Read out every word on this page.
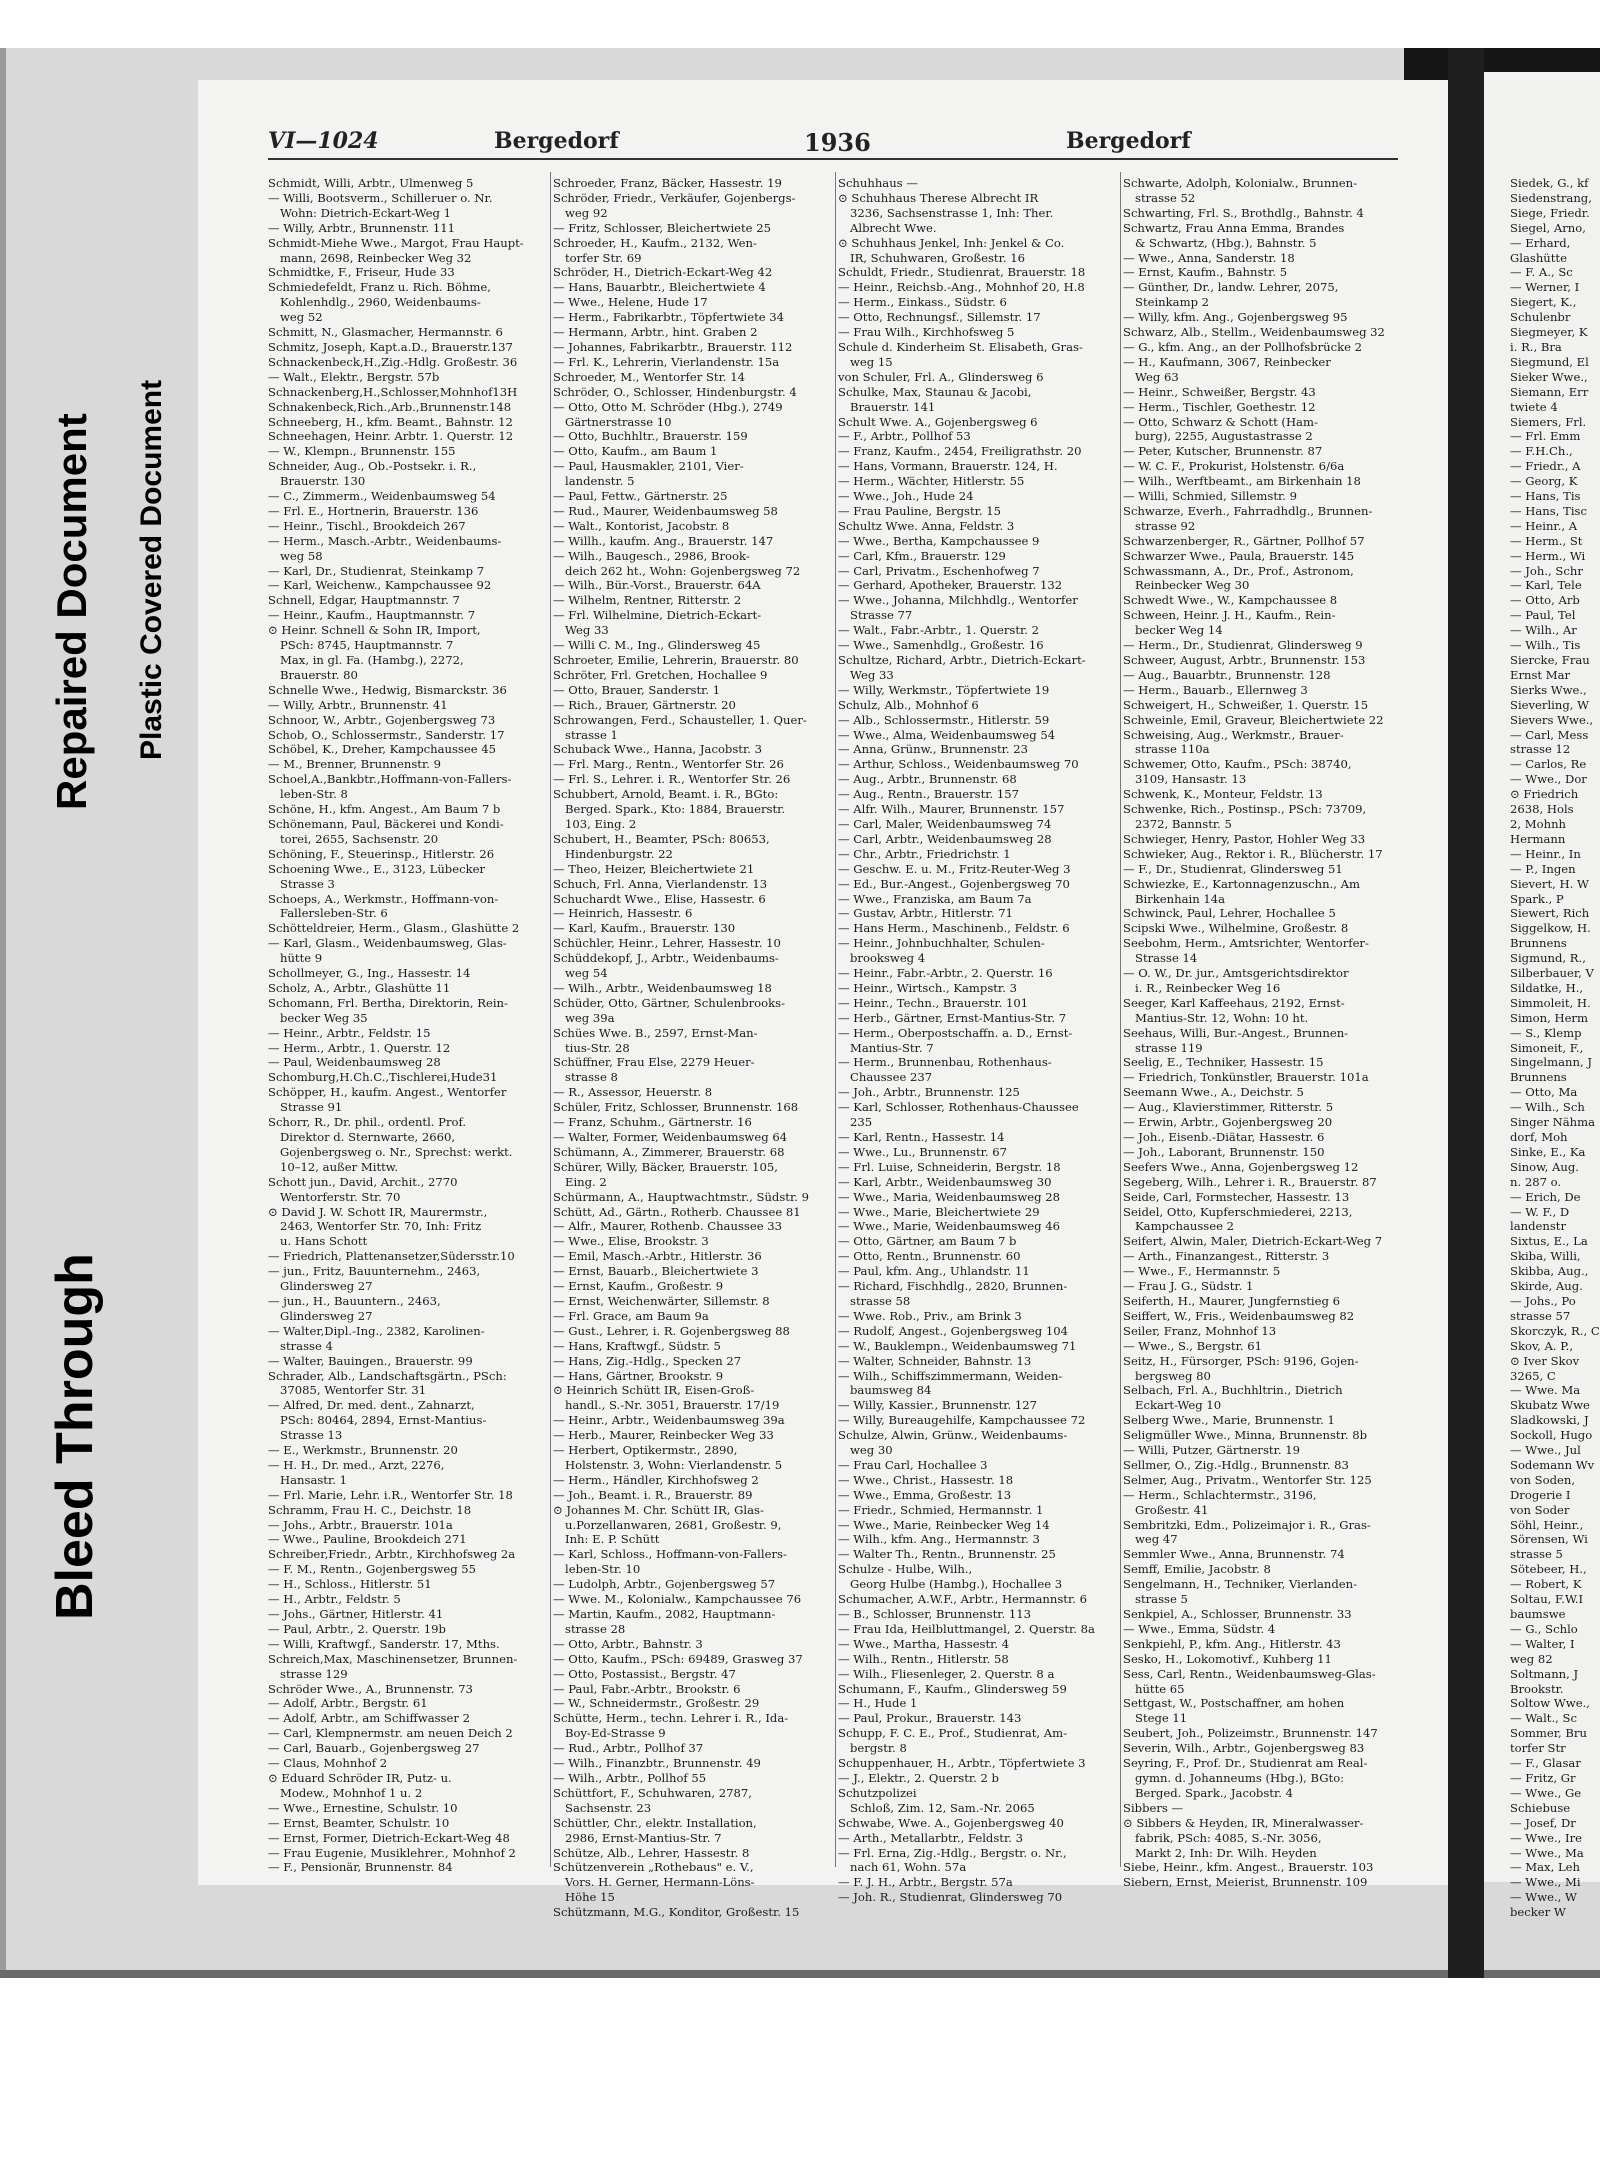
Bleed Through
Repaired Document Plastic Covered Document
VI—1024	Bergedorf	1936	Bergedorf
Schmidt, Willi, Arbtr., Ulmenweg 5
— Willi, Bootsverm., Schilleruer o. Nr.
Wohn: Dietrich-Eckart-Weg 1
— Willy, Arbtr., Brunnenstr. 111
Schmidt-Miehe Wwe., Margot, Frau Haupt-
mann, 2698, Reinbecker Weg 32
Schmidtke, F., Friseur, Hude 33
Schmiedefeldt, Franz u. Rich. Böhme,
Kohlenhdlg., 2960, Weidenbaums-
weg 52
Schmitt, N., Glasmacher, Hermannstr. 6
Schmitz, Joseph, Kapt.a.D., Brauerstr.137
Schnackenbeck,H.,Zig.-Hdlg. Großestr. 36
— Walt., Elektr., Bergstr. 57b
Schnackenberg,H.,Schlosser,Mohnhof13H
Schnakenbeck,Rich.,Arb.,Brunnenstr.148
Schneeberg, H., kfm. Beamt., Bahnstr. 12
Schneehagen, Heinr. Arbtr. 1. Querstr. 12
— W., Klempn., Brunnenstr. 155
Schneider, Aug., Ob.-Postsekr. i. R.,
Brauerstr. 130
— C., Zimmerm., Weidenbaumsweg 54
— Frl. E., Hortnerin, Brauerstr. 136
— Heinr., Tischl., Brookdeich 267
— Herm., Masch.-Arbtr., Weidenbaums-
weg 58
— Karl, Dr., Studienrat, Steinkamp 7
— Karl, Weichenw., Kampchaussee 92
Schnell, Edgar, Hauptmannstr. 7
— Heinr., Kaufm., Hauptmannstr. 7
⊙ Heinr. Schnell & Sohn IR, Import,
PSch: 8745, Hauptmannstr. 7
Max, in gl. Fa. (Hambg.), 2272,
Brauerstr. 80
Schnelle Wwe., Hedwig, Bismarckstr. 36
— Willy, Arbtr., Brunnenstr. 41
Schnoor, W., Arbtr., Gojenbergsweg 73
Schob, O., Schlossermstr., Sanderstr. 17
Schöbel, K., Dreher, Kampchaussee 45
— M., Brenner, Brunnenstr. 9
Schoel,A.,Bankbtr.,Hoffmann-von-Fallers-
leben-Str. 8
Schöne, H., kfm. Angest., Am Baum 7 b
Schönemann, Paul, Bäckerei und Kondi-
torei, 2655, Sachsenstr. 20
Schöning, F., Steuerinsp., Hitlerstr. 26
Schoening Wwe., E., 3123, Lübecker
Strasse 3
Schoeps, A., Werkmstr., Hoffmann-von-
Fallersleben-Str. 6
Schötteldreier, Herm., Glasm., Glashütte 2
— Karl, Glasm., Weidenbaumsweg, Glas-
hütte 9
Schollmeyer, G., Ing., Hassestr. 14
Scholz, A., Arbtr., Glashütte 11
Schomann, Frl. Bertha, Direktorin, Rein-
becker Weg 35
— Heinr., Arbtr., Feldstr. 15
— Herm., Arbtr., 1. Querstr. 12
— Paul, Weidenbaumsweg 28
Schomburg,H.Ch.C.,Tischlerei,Hude31
Schöpper, H., kaufm. Angest., Wentorfer
Strasse 91
Schorr, R., Dr. phil., ordentl. Prof.
Direktor d. Sternwarte, 2660,
Gojenbergsweg o. Nr., Sprechst: werkt.
10–12, außer Mittw.
Schott jun., David, Archit., 2770
Wentorferstr. Str. 70
⊙ David J. W. Schott IR, Maurermstr.,
2463, Wentorfer Str. 70, Inh: Fritz
u. Hans Schott
— Friedrich, Plattenansetzer,Südersstr.10
— jun., Fritz, Bauunternehm., 2463,
Glindersweg 27
— jun., H., Bauuntern., 2463,
Glindersweg 27
— Walter,Dipl.-Ing., 2382, Karolinen-
strasse 4
— Walter, Bauingen., Brauerstr. 99
Schrader, Alb., Landschaftsgärtn., PSch:
37085, Wentorfer Str. 31
— Alfred, Dr. med. dent., Zahnarzt,
PSch: 80464, 2894, Ernst-Mantius-
Strasse 13
— E., Werkmstr., Brunnenstr. 20
— H. H., Dr. med., Arzt, 2276,
Hansastr. 1
— Frl. Marie, Lehr. i.R., Wentorfer Str. 18
Schramm, Frau H. C., Deichstr. 18
— Johs., Arbtr., Brauerstr. 101a
— Wwe., Pauline, Brookdeich 271
Schreiber,Friedr., Arbtr., Kirchhofsweg 2a
— F. M., Rentn., Gojenbergsweg 55
— H., Schloss., Hitlerstr. 51
— H., Arbtr., Feldstr. 5
— Johs., Gärtner, Hitlerstr. 41
— Paul, Arbtr., 2. Querstr. 19b
— Willi, Kraftwgf., Sanderstr. 17, Mths.
Schreich,Max, Maschinensetzer, Brunnen-
strasse 129
Schröder Wwe., A., Brunnenstr. 73
— Adolf, Arbtr., Bergstr. 61
— Adolf, Arbtr., am Schiffwasser 2
— Carl, Klempnermstr. am neuen Deich 2
— Carl, Bauarb., Gojenbergsweg 27
— Claus, Mohnhof 2
⊙ Eduard Schröder IR, Putz- u.
Modew., Mohnhof 1 u. 2
— Wwe., Ernestine, Schulstr. 10
— Ernst, Beamter, Schulstr. 10
— Ernst, Former, Dietrich-Eckart-Weg 48
— Frau Eugenie, Musiklehrer., Mohnhof 2
— F., Pensionär, Brunnenstr. 84
Schroeder, Franz, Bäcker, Hassestr. 19
Schröder, Friedr., Verkäufer, Gojenbergs-
weg 92
— Fritz, Schlosser, Bleichertwiete 25
Schroeder, H., Kaufm., 2132, Wen-
torfer Str. 69
Schröder, H., Dietrich-Eckart-Weg 42
— Hans, Bauarbtr., Bleichertwiete 4
— Wwe., Helene, Hude 17
— Herm., Fabrikarbtr., Töpfertwiete 34
— Hermann, Arbtr., hint. Graben 2
— Johannes, Fabrikarbtr., Brauerstr. 112
— Frl. K., Lehrerin, Vierlandenstr. 15a
Schroeder, M., Wentorfer Str. 14
Schröder, O., Schlosser, Hindenburgstr. 4
— Otto, Otto M. Schröder (Hbg.), 2749
Gärtnerstrasse 10
— Otto, Buchhltr., Brauerstr. 159
— Otto, Kaufm., am Baum 1
— Paul, Hausmakler, 2101, Vier-
landenstr. 5
— Paul, Fettw., Gärtnerstr. 25
— Rud., Maurer, Weidenbaumsweg 58
— Walt., Kontorist, Jacobstr. 8
— Willh., kaufm. Ang., Brauerstr. 147
— Wilh., Baugesch., 2986, Brook-
deich 262 ht., Wohn: Gojenbergsweg 72
— Wilh., Bür.-Vorst., Brauerstr. 64A
— Wilhelm, Rentner, Ritterstr. 2
— Frl. Wilhelmine, Dietrich-Eckart-
Weg 33
— Willi C. M., Ing., Glindersweg 45
Schroeter, Emilie, Lehrerin, Brauerstr. 80
Schröter, Frl. Gretchen, Hochallee 9
— Otto, Brauer, Sanderstr. 1
— Rich., Brauer, Gärtnerstr. 20
Schrowangen, Ferd., Schausteller, 1. Quer-
strasse 1
Schuback Wwe., Hanna, Jacobstr. 3
— Frl. Marg., Rentn., Wentorfer Str. 26
— Frl. S., Lehrer. i. R., Wentorfer Str. 26
Schubbert, Arnold, Beamt. i. R., BGto:
Berged. Spark., Kto: 1884, Brauerstr.
103, Eing. 2
Schubert, H., Beamter, PSch: 80653,
Hindenburgstr. 22
— Theo, Heizer, Bleichertwiete 21
Schuch, Frl. Anna, Vierlandenstr. 13
Schuchardt Wwe., Elise, Hassestr. 6
— Heinrich, Hassestr. 6
— Karl, Kaufm., Brauerstr. 130
Schüchler, Heinr., Lehrer, Hassestr. 10
Schüddekopf, J., Arbtr., Weidenbaums-
weg 54
— Wilh., Arbtr., Weidenbaumsweg 18
Schüder, Otto, Gärtner, Schulenbrooks-
weg 39a
Schües Wwe. B., 2597, Ernst-Man-
tius-Str. 28
Schüffner, Frau Else, 2279 Heuer-
strasse 8
— R., Assessor, Heuerstr. 8
Schüler, Fritz, Schlosser, Brunnenstr. 168
— Franz, Schuhm., Gärtnerstr. 16
— Walter, Former, Weidenbaumsweg 64
Schümann, A., Zimmerer, Brauerstr. 68
Schürer, Willy, Bäcker, Brauerstr. 105,
Eing. 2
Schürmann, A., Hauptwachtmstr., Südstr. 9
Schütt, Ad., Gärtn., Rotherb. Chaussee 81
— Alfr., Maurer, Rothenb. Chaussee 33
— Wwe., Elise, Brookstr. 3
— Emil, Masch.-Arbtr., Hitlerstr. 36
— Ernst, Bauarb., Bleichertwiete 3
— Ernst, Kaufm., Großestr. 9
— Ernst, Weichenwärter, Sillemstr. 8
— Frl. Grace, am Baum 9a
— Gust., Lehrer, i. R. Gojenbergsweg 88
— Hans, Kraftwgf., Südstr. 5
— Hans, Zig.-Hdlg., Specken 27
— Hans, Gärtner, Brookstr. 9
⊙ Heinrich Schütt IR, Eisen-Groß-
handl., S.-Nr. 3051, Brauerstr. 17/19
— Heinr., Arbtr., Weidenbaumsweg 39a
— Herb., Maurer, Reinbecker Weg 33
— Herbert, Optikermstr., 2890,
Holstenstr. 3, Wohn: Vierlandenstr. 5
— Herm., Händler, Kirchhofsweg 2
— Joh., Beamt. i. R., Brauerstr. 89
⊙ Johannes M. Chr. Schütt IR, Glas-
u.Porzellanwaren, 2681, Großestr. 9,
Inh: E. P. Schütt
— Karl, Schloss., Hoffmann-von-Fallers-
leben-Str. 10
— Ludolph, Arbtr., Gojenbergsweg 57
— Wwe. M., Kolonialw., Kampchaussee 76
— Martin, Kaufm., 2082, Hauptmann-
strasse 28
— Otto, Arbtr., Bahnstr. 3
— Otto, Kaufm., PSch: 69489, Grasweg 37
— Otto, Postassist., Bergstr. 47
— Paul, Fabr.-Arbtr., Brookstr. 6
— W., Schneidermstr., Großestr. 29
Schütte, Herm., techn. Lehrer i. R., Ida-
Boy-Ed-Strasse 9
— Rud., Arbtr., Pollhof 37
— Wilh., Finanzbtr., Brunnenstr. 49
— Wilh., Arbtr., Pollhof 55
Schüttfort, F., Schuhwaren, 2787,
Sachsenstr. 23
Schüttler, Chr., elektr. Installation,
2986, Ernst-Mantius-Str. 7
Schütze, Alb., Lehrer, Hassestr. 8
Schützenverein „Rothebaus" e. V.,
Vors. H. Gerner, Hermann-Löns-
Höhe 15
Schützmann, M.G., Konditor, Großestr. 15
Schuhhaus —
⊙ Schuhhaus Therese Albrecht IR
3236, Sachsenstrasse 1, Inh: Ther.
Albrecht Wwe.
⊙ Schuhhaus Jenkel, Inh: Jenkel & Co.
IR, Schuhwaren, Großestr. 16
Schuldt, Friedr., Studienrat, Brauerstr. 18
— Heinr., Reichsb.-Ang., Mohnhof 20, H.8
— Herm., Einkass., Südstr. 6
— Otto, Rechnungsf., Sillemstr. 17
— Frau Wilh., Kirchhofsweg 5
Schule d. Kinderheim St. Elisabeth, Gras-
weg 15
von Schuler, Frl. A., Glindersweg 6
Schulke, Max, Staunau & Jacobi,
Brauerstr. 141
Schult Wwe. A., Gojenbergsweg 6
— F., Arbtr., Pollhof 53
— Franz, Kaufm., 2454, Freiligrathstr. 20
— Hans, Vormann, Brauerstr. 124, H.
— Herm., Wächter, Hitlerstr. 55
— Wwe., Joh., Hude 24
— Frau Pauline, Bergstr. 15
Schultz Wwe. Anna, Feldstr. 3
— Wwe., Bertha, Kampchaussee 9
— Carl, Kfm., Brauerstr. 129
— Carl, Privatm., Eschenhofweg 7
— Gerhard, Apotheker, Brauerstr. 132
— Wwe., Johanna, Milchhdlg., Wentorfer
Strasse 77
— Walt., Fabr.-Arbtr., 1. Querstr. 2
— Wwe., Samenhdlg., Großestr. 16
Schultze, Richard, Arbtr., Dietrich-Eckart-
Weg 33
— Willy, Werkmstr., Töpfertwiete 19
Schulz, Alb., Mohnhof 6
— Alb., Schlossermstr., Hitlerstr. 59
— Wwe., Alma, Weidenbaumsweg 54
— Anna, Grünw., Brunnenstr. 23
— Arthur, Schloss., Weidenbaumsweg 70
— Aug., Arbtr., Brunnenstr. 68
— Aug., Rentn., Brauerstr. 157
— Alfr. Wilh., Maurer, Brunnenstr. 157
— Carl, Maler, Weidenbaumsweg 74
— Carl, Arbtr., Weidenbaumsweg 28
— Chr., Arbtr., Friedrichstr. 1
— Geschw. E. u. M., Fritz-Reuter-Weg 3
— Ed., Bur.-Angest., Gojenbergsweg 70
— Wwe., Franziska, am Baum 7a
— Gustav, Arbtr., Hitlerstr. 71
— Hans Herm., Maschinenb., Feldstr. 6
— Heinr., Johnbuchhalter, Schulen-
brooksweg 4
— Heinr., Fabr.-Arbtr., 2. Querstr. 16
— Heinr., Wirtsch., Kampstr. 3
— Heinr., Techn., Brauerstr. 101
— Herb., Gärtner, Ernst-Mantius-Str. 7
— Herm., Oberpostschaffn. a. D., Ernst-
Mantius-Str. 7
— Herm., Brunnenbau, Rothenhaus-
Chaussee 237
— Joh., Arbtr., Brunnenstr. 125
— Karl, Schlosser, Rothenhaus-Chaussee
235
— Karl, Rentn., Hassestr. 14
— Wwe., Lu., Brunnenstr. 67
— Frl. Luise, Schneiderin, Bergstr. 18
— Karl, Arbtr., Weidenbaumsweg 30
— Wwe., Maria, Weidenbaumsweg 28
— Wwe., Marie, Bleichertwiete 29
— Wwe., Marie, Weidenbaumsweg 46
— Otto, Gärtner, am Baum 7 b
— Otto, Rentn., Brunnenstr. 60
— Paul, kfm. Ang., Uhlandstr. 11
— Richard, Fischhdlg., 2820, Brunnen-
strasse 58
— Wwe. Rob., Priv., am Brink 3
— Rudolf, Angest., Gojenbergsweg 104
— W., Bauklempn., Weidenbaumsweg 71
— Walter, Schneider, Bahnstr. 13
— Wilh., Schiffszimmermann, Weiden-
baumsweg 84
— Willy, Kassier., Brunnenstr. 127
— Willy, Bureaugehilfe, Kampchaussee 72
Schulze, Alwin, Grünw., Weidenbaums-
weg 30
— Frau Carl, Hochallee 3
— Wwe., Christ., Hassestr. 18
— Wwe., Emma, Großestr. 13
— Friedr., Schmied, Hermannstr. 1
— Wwe., Marie, Reinbecker Weg 14
— Wilh., kfm. Ang., Hermannstr. 3
— Walter Th., Rentn., Brunnenstr. 25
Schulze - Hulbe, Wilh.,
Georg Hulbe (Hambg.), Hochallee 3
Schumacher, A.W.F., Arbtr., Hermannstr. 6
— B., Schlosser, Brunnenstr. 113
— Frau Ida, Heilbluttmangel, 2. Querstr. 8a
— Wwe., Martha, Hassestr. 4
— Wilh., Rentn., Hitlerstr. 58
— Wilh., Fliesenleger, 2. Querstr. 8 a
Schumann, F., Kaufm., Glindersweg 59
— H., Hude 1
— Paul, Prokur., Brauerstr. 143
Schupp, F. C. E., Prof., Studienrat, Am-
bergstr. 8
Schuppenhauer, H., Arbtr., Töpfertwiete 3
— J., Elektr., 2. Querstr. 2 b
Schutzpolizei
Schloß, Zim. 12, Sam.-Nr. 2065
Schwabe, Wwe. A., Gojenbergsweg 40
— Arth., Metallarbtr., Feldstr. 3
— Frl. Erna, Zig.-Hdlg., Bergstr. o. Nr.,
nach 61, Wohn. 57a
— F. J. H., Arbtr., Bergstr. 57a
— Joh. R., Studienrat, Glindersweg 70
Schwarte, Adolph, Kolonialw., Brunnen-
strasse 52
Schwarting, Frl. S., Brothdlg., Bahnstr. 4
Schwartz, Frau Anna Emma, Brandes
& Schwartz, (Hbg.), Bahnstr. 5
— Wwe., Anna, Sanderstr. 18
— Ernst, Kaufm., Bahnstr. 5
— Günther, Dr., landw. Lehrer, 2075,
Steinkamp 2
— Willy, kfm. Ang., Gojenbergsweg 95
Schwarz, Alb., Stellm., Weidenbaumsweg 32
— G., kfm. Ang., an der Pollhofsbrücke 2
— H., Kaufmann, 3067, Reinbecker
Weg 63
— Heinr., Schweißer, Bergstr. 43
— Herm., Tischler, Goethestr. 12
— Otto, Schwarz & Schott (Ham-
burg), 2255, Augustastrasse 2
— Peter, Kutscher, Brunnenstr. 87
— W. C. F., Prokurist, Holstenstr. 6/6a
— Wilh., Werftbeamt., am Birkenhain 18
— Willi, Schmied, Sillemstr. 9
Schwarze, Everh., Fahrradhdlg., Brunnen-
strasse 92
Schwarzenberger, R., Gärtner, Pollhof 57
Schwarzer Wwe., Paula, Brauerstr. 145
Schwassmann, A., Dr., Prof., Astronom,
Reinbecker Weg 30
Schwedt Wwe., W., Kampchaussee 8
Schween, Heinr. J. H., Kaufm., Rein-
becker Weg 14
— Herm., Dr., Studienrat, Glindersweg 9
Schweer, August, Arbtr., Brunnenstr. 153
— Aug., Bauarbtr., Brunnenstr. 128
— Herm., Bauarb., Ellernweg 3
Schweigert, H., Schweißer, 1. Querstr. 15
Schweinle, Emil, Graveur, Bleichertwiete 22
Schweising, Aug., Werkmstr., Brauer-
strasse 110a
Schwemer, Otto, Kaufm., PSch: 38740,
3109, Hansastr. 13
Schwenk, K., Monteur, Feldstr. 13
Schwenke, Rich., Postinsp., PSch: 73709,
2372, Bannstr. 5
Schwieger, Henry, Pastor, Hohler Weg 33
Schwieker, Aug., Rektor i. R., Blücherstr. 17
— F., Dr., Studienrat, Glindersweg 51
Schwiezke, E., Kartonnagenzuschn., Am
Birkenhain 14a
Schwinck, Paul, Lehrer, Hochallee 5
Scipski Wwe., Wilhelmine, Großestr. 8
Seebohm, Herm., Amtsrichter, Wentorfer-
Strasse 14
— O. W., Dr. jur., Amtsgerichtsdirektor
i. R., Reinbecker Weg 16
Seeger, Karl Kaffeehaus, 2192, Ernst-
Mantius-Str. 12, Wohn: 10 ht.
Seehaus, Willi, Bur.-Angest., Brunnen-
strasse 119
Seelig, E., Techniker, Hassestr. 15
— Friedrich, Tonkünstler, Brauerstr. 101a
Seemann Wwe., A., Deichstr. 5
— Aug., Klavierstimmer, Ritterstr. 5
— Erwin, Arbtr., Gojenbergsweg 20
— Joh., Eisenb.-Diätar, Hassestr. 6
— Joh., Laborant, Brunnenstr. 150
Seefers Wwe., Anna, Gojenbergsweg 12
Segeberg, Wilh., Lehrer i. R., Brauerstr. 87
Seide, Carl, Formstecher, Hassestr. 13
Seidel, Otto, Kupferschmiederei, 2213,
Kampchaussee 2
Seifert, Alwin, Maler, Dietrich-Eckart-Weg 7
— Arth., Finanzangest., Ritterstr. 3
— Wwe., F., Hermannstr. 5
— Frau J. G., Südstr. 1
Seiferth, H., Maurer, Jungfernstieg 6
Seiffert, W., Fris., Weidenbaumsweg 82
Seiler, Franz, Mohnhof 13
— Wwe., S., Bergstr. 61
Seitz, H., Fürsorger, PSch: 9196, Gojen-
bergsweg 80
Selbach, Frl. A., Buchhltrin., Dietrich
Eckart-Weg 10
Selberg Wwe., Marie, Brunnenstr. 1
Seligmüller Wwe., Minna, Brunnenstr. 8b
— Willi, Putzer, Gärtnerstr. 19
Sellmer, O., Zig.-Hdlg., Brunnenstr. 83
Selmer, Aug., Privatm., Wentorfer Str. 125
— Herm., Schlachtermstr., 3196,
Großestr. 41
Sembritzki, Edm., Polizeimajor i. R., Gras-
weg 47
Semmler Wwe., Anna, Brunnenstr. 74
Semff, Emilie, Jacobstr. 8
Sengelmann, H., Techniker, Vierlanden-
strasse 5
Senkpiel, A., Schlosser, Brunnenstr. 33
— Wwe., Emma, Südstr. 4
Senkpiehl, P., kfm. Ang., Hitlerstr. 43
Sesko, H., Lokomotivf., Kuhberg 11
Sess, Carl, Rentn., Weidenbaumsweg-Glas-
hütte 65
Settgast, W., Postschaffner, am hohen
Stege 11
Seubert, Joh., Polizeimstr., Brunnenstr. 147
Severin, Wilh., Arbtr., Gojenbergsweg 83
Seyring, F., Prof. Dr., Studienrat am Real-
gymn. d. Johanneums (Hbg.), BGto:
Berged. Spark., Jacobstr. 4
Sibbers —
⊙ Sibbers & Heyden, IR, Mineralwasser-
fabrik, PSch: 4085, S.-Nr. 3056,
Markt 2, Inh: Dr. Wilh. Heyden
Siebe, Heinr., kfm. Angest., Brauerstr. 103
Siebern, Ernst, Meierist, Brunnenstr. 109
Siedek, G., kf
Siedenstrang,
Siege, Friedr.
Siegel, Arno,
— Erhard,
Glashütte
— F. A., Sc
— Werner, I
Siegert, K.,
Schulenbr
Siegmeyer, K
i. R., Bra
Siegmund, El
Sieker Wwe.,
Siemann, Err
twiete 4
Siemers, Frl.
— Frl. Emm
— F.H.Ch.,
— Friedr., A
— Georg, K
— Hans, Tis
— Hans, Tisc
— Heinr., A
— Herm., St
— Herm., Wi
— Joh., Schr
— Karl, Tele
— Otto, Arb
— Paul, Tel
— Wilh., Ar
— Wilh., Tis
Siercke, Frau
Ernst Mar
Sierks Wwe.,
Sieverling, W
Sievers Wwe.,
— Carl, Mess
strasse 12
— Carlos, Re
— Wwe., Dor
⊙ Friedrich
2638, Hols
2, Mohnh
Hermann
— Heinr., In
— P., Ingen
Sievert, H. W
Spark., P
Siewert, Rich
Siggelkow, H.
Brunnens
Sigmund, R.,
Silberbauer, V
Sildatke, H.,
Simmoleit, H.
Simon, Herm
— S., Klemp
Simoneit, F.,
Singelmann, J
Brunnens
— Otto, Ma
— Wilh., Sch
Singer Nähma
dorf, Moh
Sinke, E., Ka
Sinow, Aug.
n. 287 o.
— Erich, De
— W. F., D
landenstr
Sixtus, E., La
Skiba, Willi,
Skibba, Aug.,
Skirde, Aug.
— Johs., Po
strasse 57
Skorczyk, R., C
Skov, A. P.,
⊙ Iver Skov
3265, C
— Wwe. Ma
Skubatz Wwe
Sladkowski, J
Sockoll, Hugo
— Wwe., Jul
Sodemann Wv
von Soden,
Drogerie I
von Soder
Söhl, Heinr.,
Sörensen, Wi
strasse 5
Sötebeer, H.,
— Robert, K
Soltau, F.W.I
baumswe
— G., Schlo
— Walter, I
weg 82
Soltmann, J
Brookstr.
Soltow Wwe.,
— Walt., Sc
Sommer, Bru
torfer Str
— F., Glasar
— Fritz, Gr
— Wwe., Ge
Schiebuse
— Josef, Dr
— Wwe., Ire
— Wwe., Ma
— Max, Leh
— Wwe., Mi
— Wwe., W
becker W
